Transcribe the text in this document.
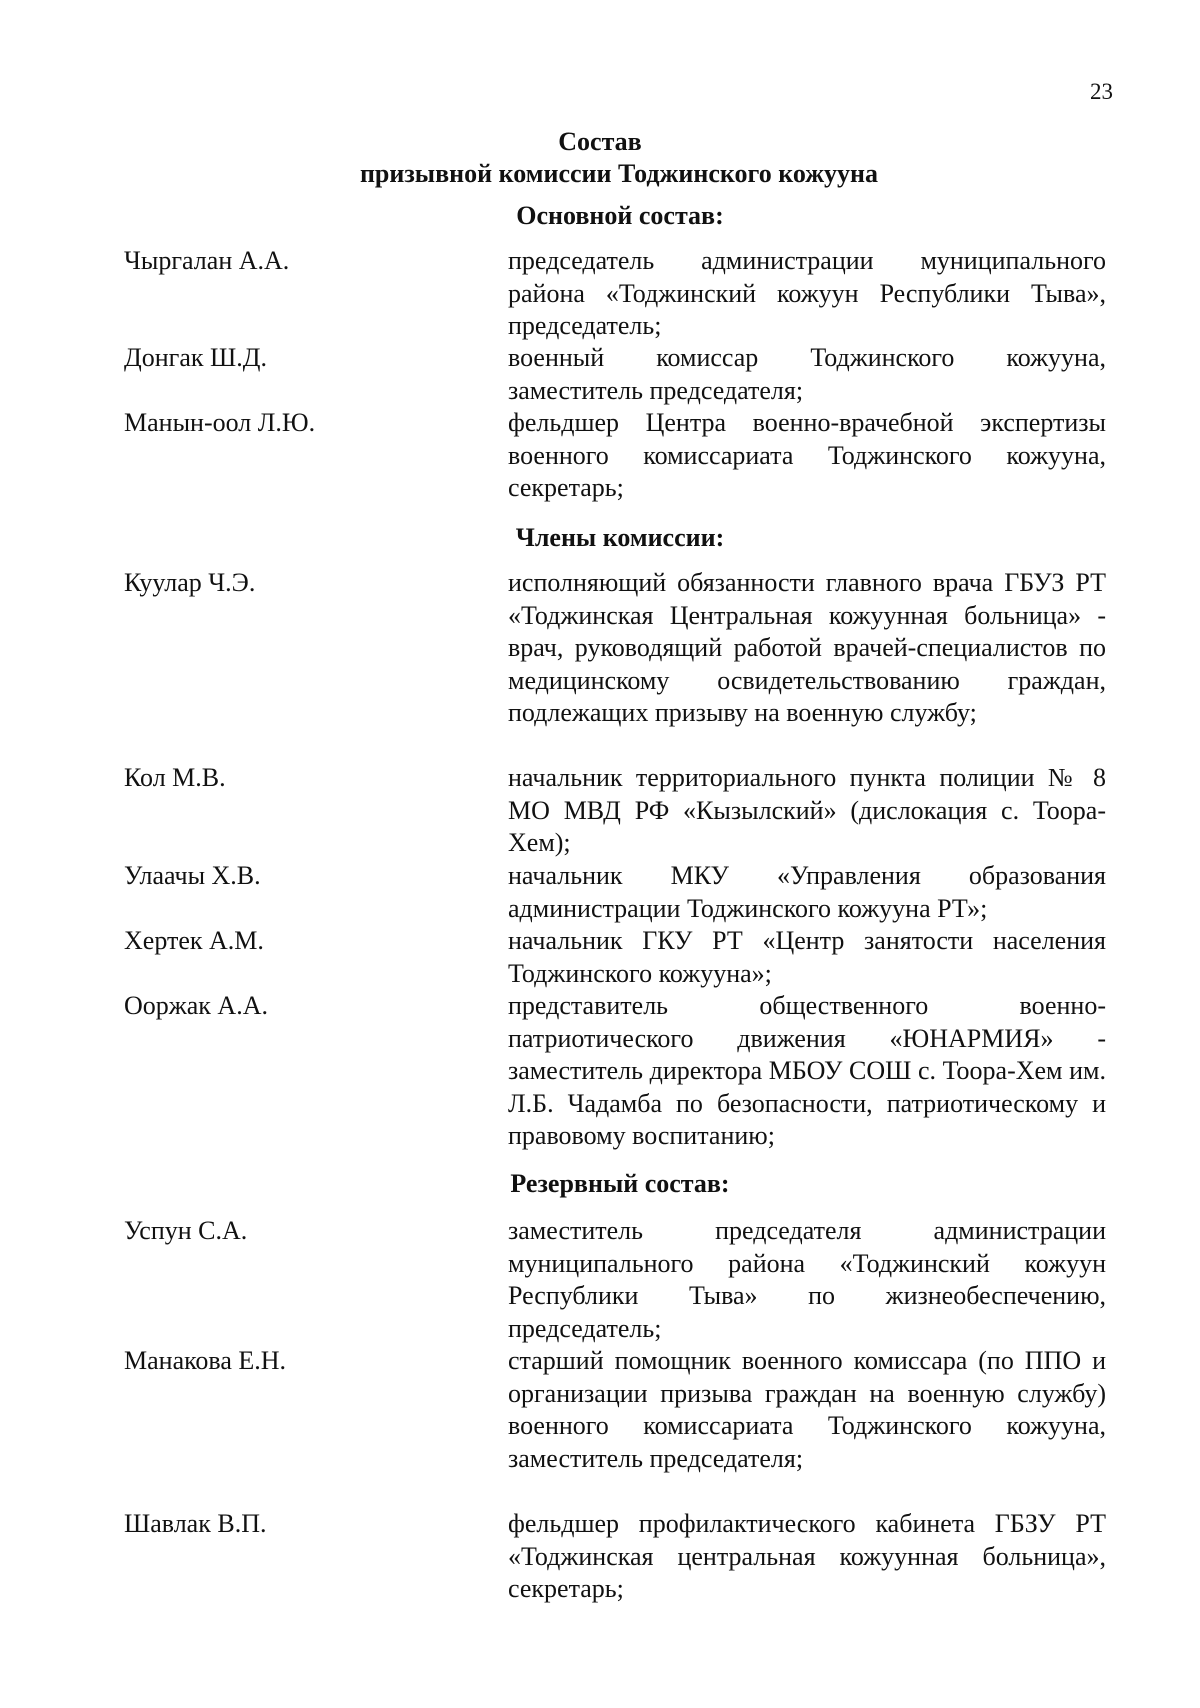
23
Состав
призывной комиссии Тоджинского кожууна
Основной состав:
Чыргалан А.А.	председатель администрации муниципального района «Тоджинский кожуун Республики Тыва», председатель;
Донгак Ш.Д.	военный комиссар Тоджинского кожууна, заместитель председателя;
Манын-оол Л.Ю.	фельдшер Центра военно-врачебной экспертизы военного комиссариата Тоджинского кожууна, секретарь;
Члены комиссии:
Куулар Ч.Э.	исполняющий обязанности главного врача ГБУЗ РТ «Тоджинская Центральная кожуунная больница» - врач, руководящий работой врачей-специалистов по медицинскому освидетельствованию граждан, подлежащих призыву на военную службу;
Кол М.В.	начальник территориального пункта полиции № 8 МО МВД РФ «Кызылский» (дислокация с. Тоора-Хем);
Улаачы Х.В.	начальник МКУ «Управления образования администрации Тоджинского кожууна РТ»;
Хертек А.М.	начальник ГКУ РТ «Центр занятости населения Тоджинского кожууна»;
Ооржак А.А.	представитель общественного военно-патриотического движения «ЮНАРМИЯ» - заместитель директора МБОУ СОШ с. Тоора-Хем им. Л.Б. Чадамба по безопасности, патриотическому и правовому воспитанию;
Резервный состав:
Успун С.А.	заместитель председателя администрации муниципального района «Тоджинский кожуун Республики Тыва» по жизнеобеспечению, председатель;
Манакова Е.Н.	старший помощник военного комиссара (по ППО и организации призыва граждан на военную службу) военного комиссариата Тоджинского кожууна, заместитель председателя;
Шавлак В.П.	фельдшер профилактического кабинета ГБЗУ РТ «Тоджинская центральная кожуунная больница», секретарь;
